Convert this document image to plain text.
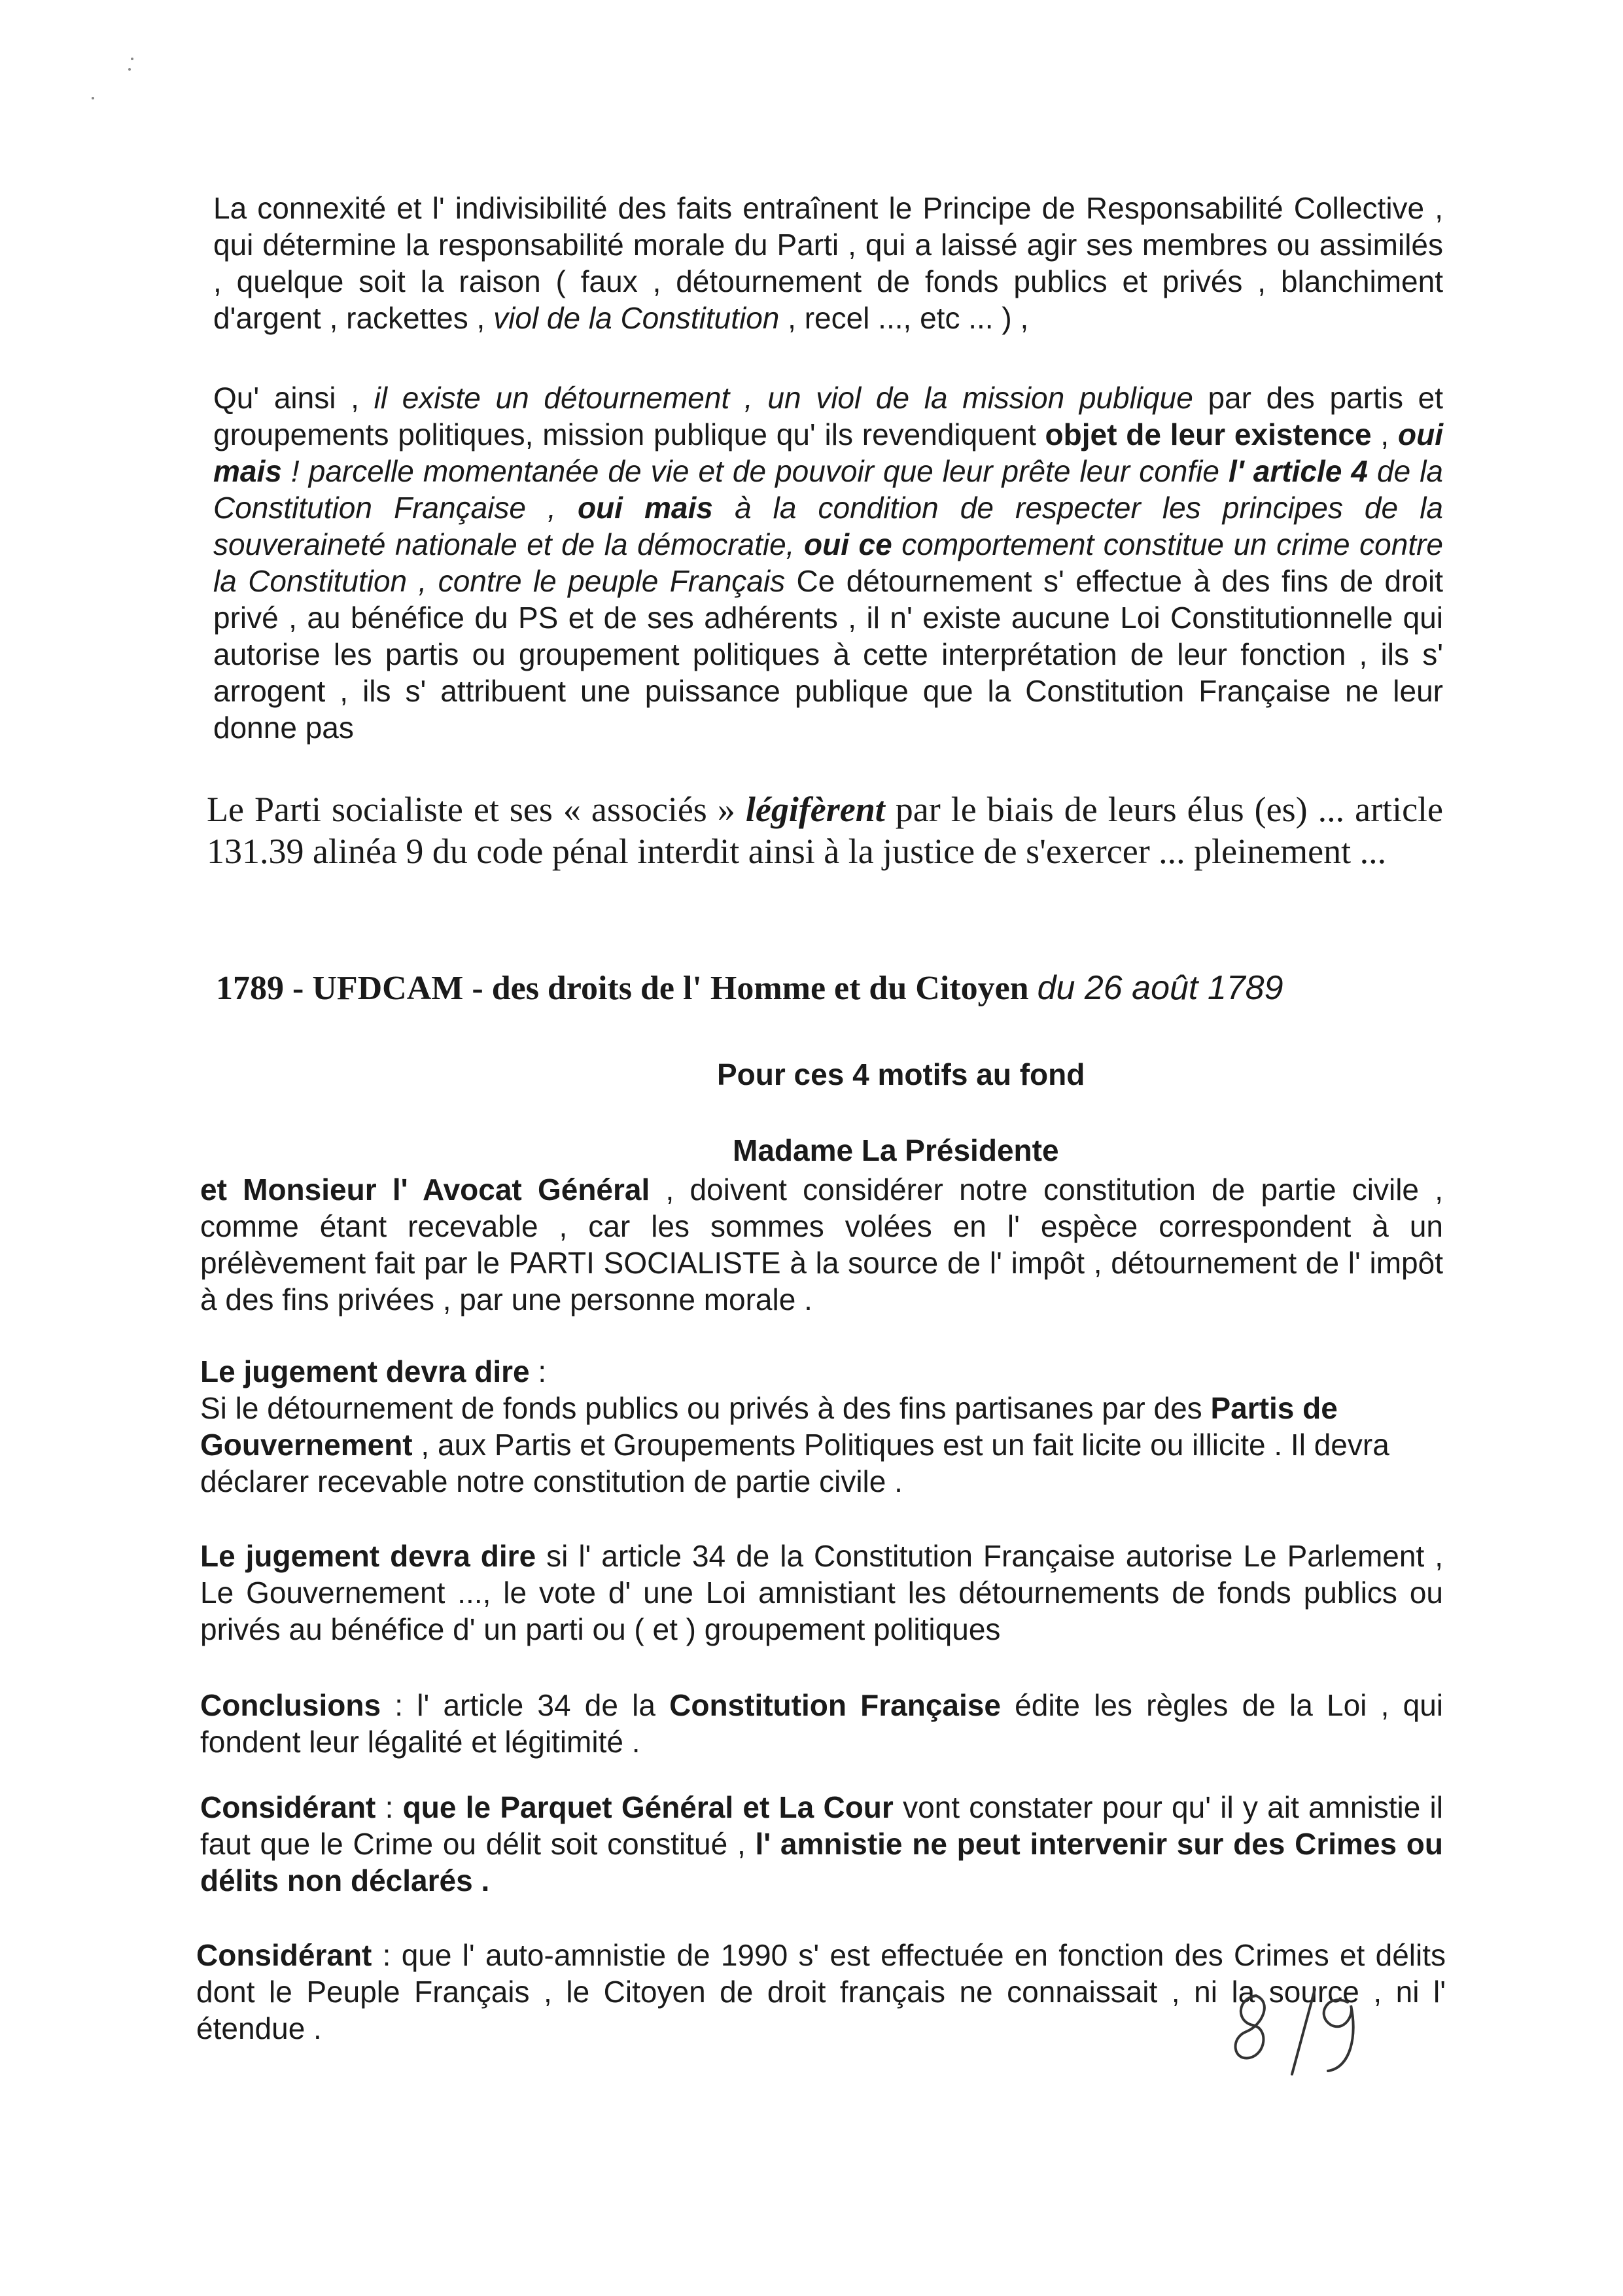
La connexité et l' indivisibilité des faits entraînent le Principe de Responsabilité Collective , qui détermine la responsabilité morale du Parti , qui a laissé agir ses membres ou assimilés , quelque soit la raison ( faux , détournement de fonds publics et privés , blanchiment d'argent , rackettes , viol de la Constitution , recel ..., etc ... ) ,

Qu' ainsi , il existe un détournement , un viol de la mission publique par des partis et groupements politiques, mission publique qu' ils revendiquent objet de leur existence , oui mais ! parcelle momentanée de vie et de pouvoir que leur prête leur confie l' article 4 de la Constitution Française , oui mais à la condition de respecter les principes de la souveraineté nationale et de la démocratie, oui ce comportement constitue un crime contre la Constitution , contre le peuple Français Ce détournement s' effectue à des fins de droit privé , au bénéfice du PS et de ses adhérents , il n' existe aucune Loi Constitutionnelle qui autorise les partis ou groupement politiques à cette interprétation de leur fonction , ils s' arrogent , ils s' attribuent une puissance publique que la Constitution Française ne leur donne pas

Le Parti socialiste et ses « associés » légifèrent par le biais de leurs élus (es) ... article 131.39 alinéa 9 du code pénal interdit ainsi à la justice de s'exercer ... pleinement ...

1789 - UFDCAM - des droits de l' Homme et du Citoyen du 26 août 1789
Pour ces 4 motifs au fond
Madame La Présidente

et Monsieur l' Avocat Général , doivent considérer notre constitution de partie civile , comme étant recevable , car les sommes volées en l' espèce correspondent à un prélèvement fait par le PARTI SOCIALISTE à la source de l' impôt , détournement de l' impôt à des fins privées , par une personne morale .

Le jugement devra dire :
Si le détournement de fonds publics ou privés à des fins partisanes par des Partis de Gouvernement , aux Partis et Groupements Politiques est un fait licite ou illicite . Il devra déclarer recevable notre constitution de partie civile .

Le jugement devra dire si l' article 34 de la Constitution Française autorise Le Parlement , Le Gouvernement ..., le vote d' une Loi amnistiant les détournements de fonds publics ou privés au bénéfice d' un parti ou ( et ) groupement politiques

Conclusions : l' article 34 de la Constitution Française édite les règles de la Loi , qui fondent leur légalité et légitimité .

Considérant : que le Parquet Général et La Cour vont constater pour qu' il y ait amnistie il faut que le Crime ou délit soit constitué , l' amnistie ne peut intervenir sur des Crimes ou délits non déclarés .

Considérant : que l' auto-amnistie de 1990 s' est effectuée en fonction des Crimes et délits dont le Peuple Français , le Citoyen de droit français ne connaissait , ni la source , ni l' étendue .
